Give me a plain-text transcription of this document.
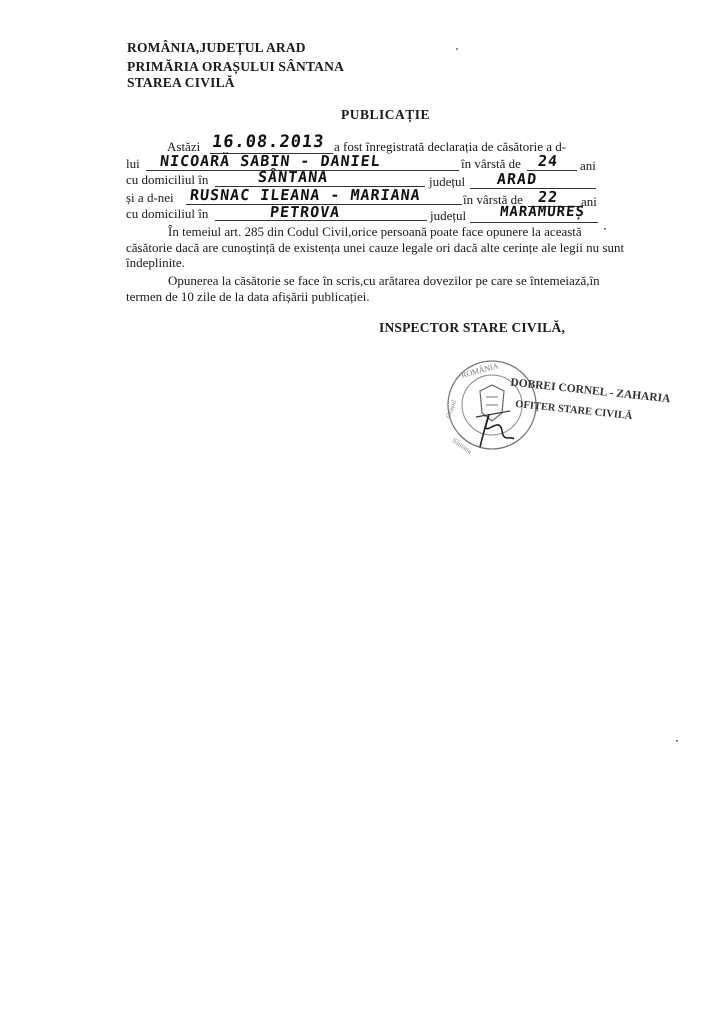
ROMÂNIA,JUDEȚUL ARAD
PRIMĂRIA ORAȘULUI SÂNTANA
STAREA CIVILĂ
PUBLICAȚIE
Astăzi 16.08.2013 a fost înregistrată declarația de căsătorie a d-
lui NICOARĂ SABIN - DANIEL	în vârstă de 24 ani
cu domiciliul în	SÂNTANA	județul ARAD
și a d-nei RUSNAC ILEANA - MARIANA	în vârstă de 22 ani
cu domiciliul în	PETROVA	județul MARAMUREȘ
În temeiul art. 285 din Codul Civil,orice persoană poate face opunere la această căsătorie dacă are cunoștință de existența unei cauze legale ori dacă alte cerințe ale legii nu sunt îndeplinite.
Opunerea la căsătorie se face în scris,cu arătarea dovezilor pe care se întemeiază,în termen de 10 zile de la data afișării publicației.
INSPECTOR STARE CIVILĂ,
ROMÂNIA
Orașul
Sântana
DOBREI CORNEL - ZAHARIA
OFIȚER STARE CIVILĂ
